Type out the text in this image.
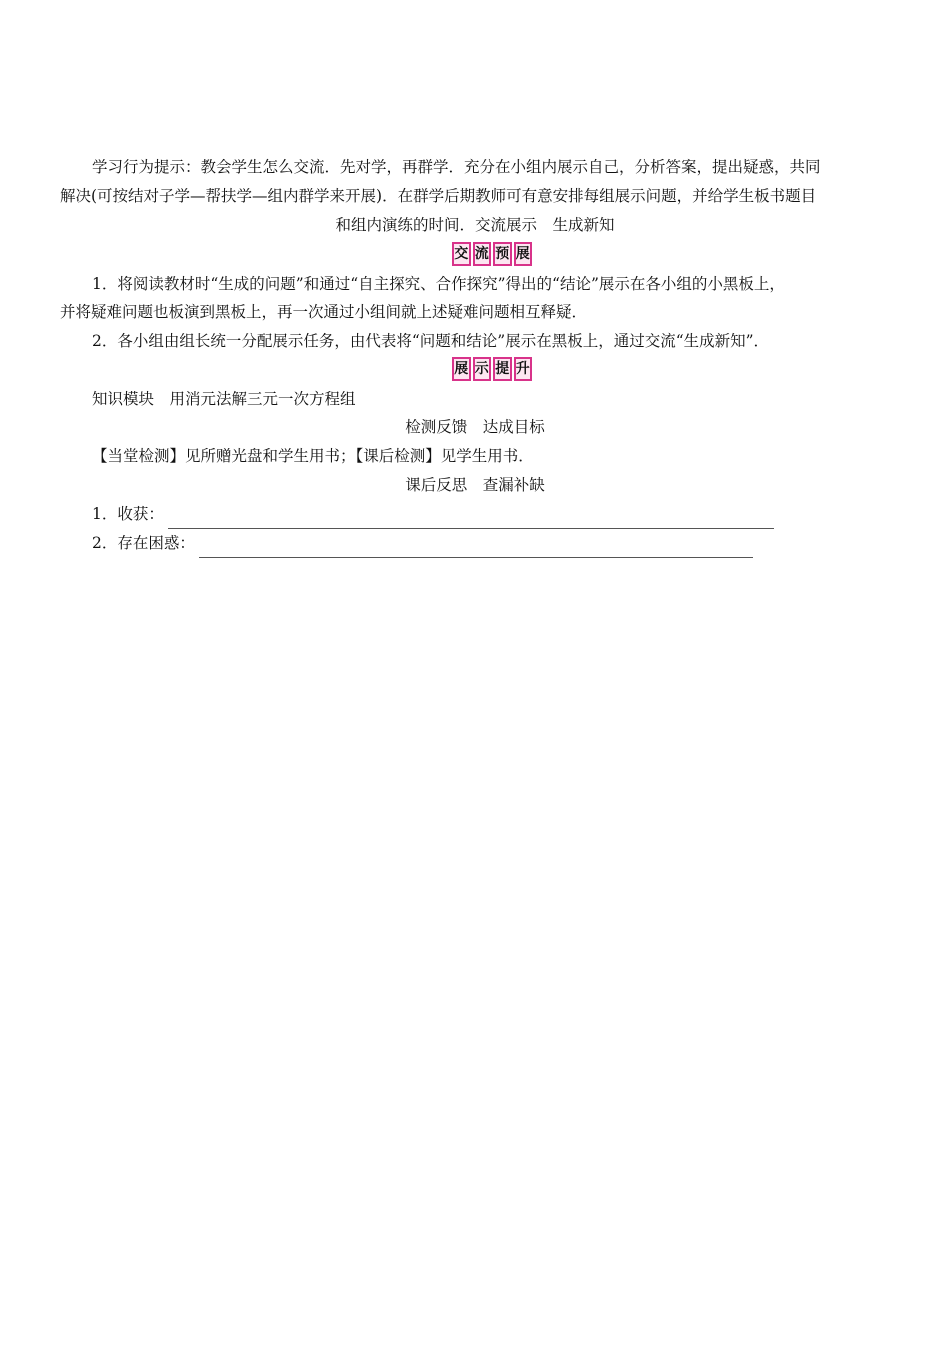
学习行为提示：教会学生怎么交流．先对学，再群学．充分在小组内展示自己，分析答案，提出疑惑，共同
解决(可按结对子学—帮扶学—组内群学来开展)．在群学后期教师可有意安排每组展示问题，并给学生板书题目

和组内演练的时间．交流展示　生成新知

交 流 预 展
1．将阅读教材时“生成的问题”和通过“自主探究、合作探究”得出的“结论”展示在各小组的小黑板上，
并将疑难问题也板演到黑板上，再一次通过小组间就上述疑难问题相互释疑．
2．各小组由组长统一分配展示任务，由代表将“问题和结论”展示在黑板上，通过交流“生成新知”．
展 示 提 升
知识模块　用消元法解三元一次方程组

检测反馈　达成目标

【当堂检测】见所赠光盘和学生用书；【课后检测】见学生用书．

课后反思　查漏补缺

1．收获：
2．存在困惑：
